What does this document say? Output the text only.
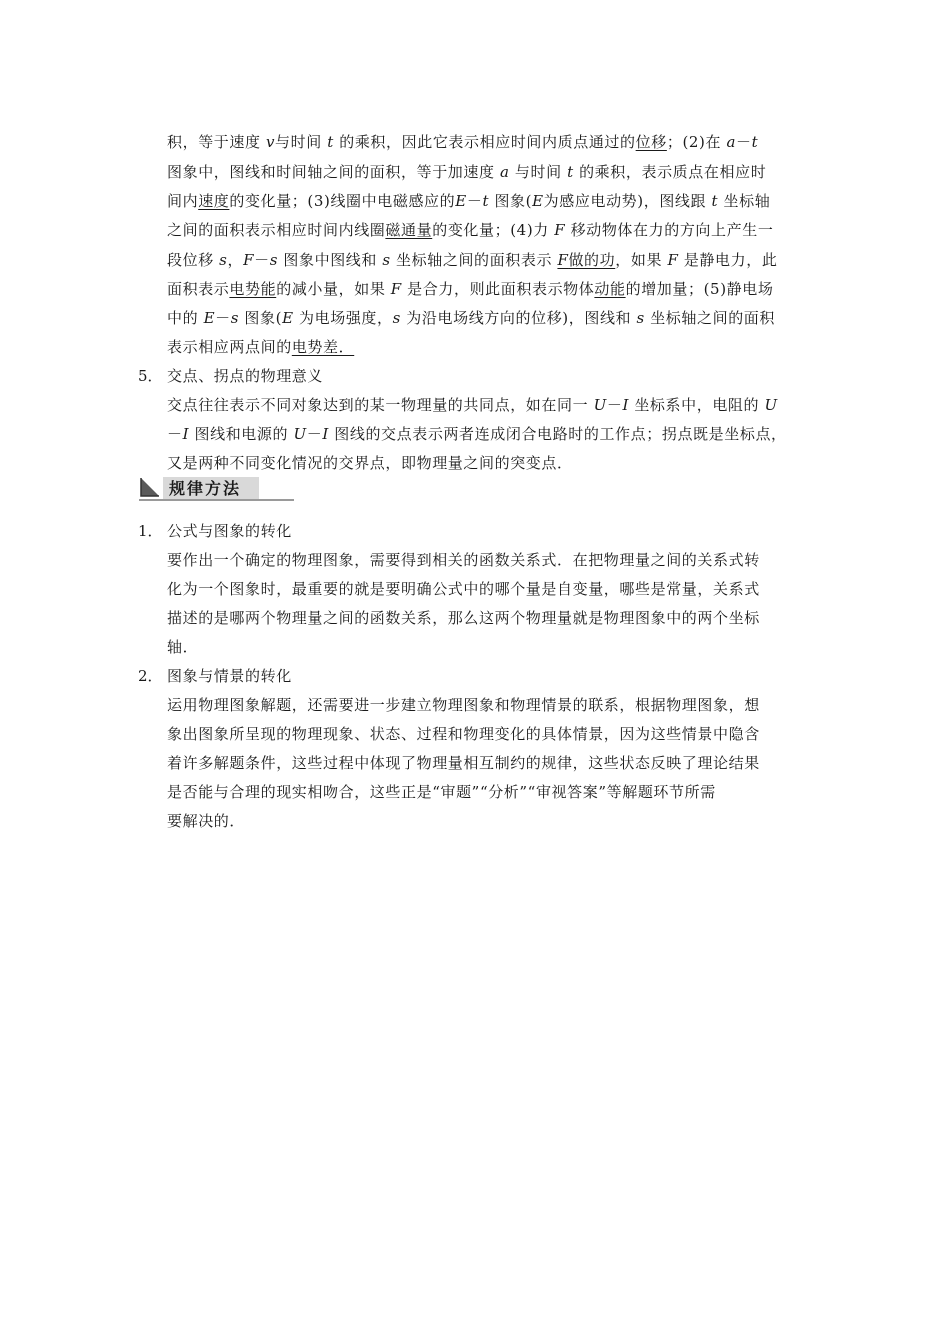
积，等于速度 v与时间 t 的乘积，因此它表示相应时间内质点通过的位移；(2)在 a－t
图象中，图线和时间轴之间的面积，等于加速度 a 与时间 t 的乘积，表示质点在相应时
间内速度的变化量；(3)线圈中电磁感应的E－t 图象(E为感应电动势)，图线跟 t 坐标轴
之间的面积表示相应时间内线圈磁通量的变化量；(4)力 F 移动物体在力的方向上产生一
段位移 s，F－s 图象中图线和 s 坐标轴之间的面积表示 F做的功，如果 F 是静电力，此
面积表示电势能的减小量，如果 F 是合力，则此面积表示物体动能的增加量；(5)静电场
中的 E－s 图象(E 为电场强度，s 为沿电场线方向的位移)，图线和 s 坐标轴之间的面积
表示相应两点间的电势差．
5． 交点、拐点的物理意义
交点往往表示不同对象达到的某一物理量的共同点，如在同一 U－I 坐标系中，电阻的 U
－I 图线和电源的 U－I 图线的交点表示两者连成闭合电路时的工作点；拐点既是坐标点，
又是两种不同变化情况的交界点，即物理量之间的突变点．
规律方法
1． 公式与图象的转化
要作出一个确定的物理图象，需要得到相关的函数关系式．在把物理量之间的关系式转
化为一个图象时，最重要的就是要明确公式中的哪个量是自变量，哪些是常量，关系式
描述的是哪两个物理量之间的函数关系，那么这两个物理量就是物理图象中的两个坐标
轴．
2． 图象与情景的转化
运用物理图象解题，还需要进一步建立物理图象和物理情景的联系，根据物理图象，想
象出图象所呈现的物理现象、状态、过程和物理变化的具体情景，因为这些情景中隐含
着许多解题条件，这些过程中体现了物理量相互制约的规律，这些状态反映了理论结果
是否能与合理的现实相吻合，这些正是“审题”“分析”“审视答案”等解题环节所需
要解决的．
